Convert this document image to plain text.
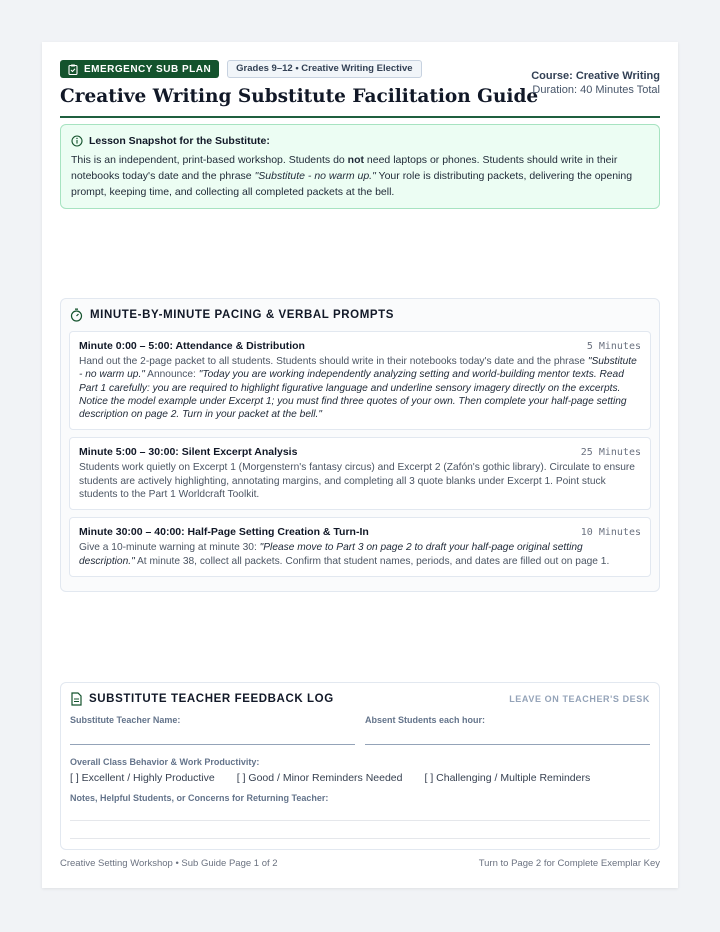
EMERGENCY SUB PLAN	Grades 9–12 • Creative Writing Elective
Creative Writing Substitute Facilitation Guide
Course: Creative Writing
Duration: 40 Minutes Total
Lesson Snapshot for the Substitute:
This is an independent, print-based workshop. Students do not need laptops or phones. Students should write in their notebooks today's date and the phrase "Substitute - no warm up." Your role is distributing packets, delivering the opening prompt, keeping time, and collecting all completed packets at the bell.
MINUTE-BY-MINUTE PACING & VERBAL PROMPTS
Minute 0:00 – 5:00: Attendance & Distribution	5 Minutes
Hand out the 2-page packet to all students. Students should write in their notebooks today's date and the phrase "Substitute - no warm up." Announce: "Today you are working independently analyzing setting and world-building mentor texts. Read Part 1 carefully: you are required to highlight figurative language and underline sensory imagery directly on the excerpts. Notice the model example under Excerpt 1; you must find three quotes of your own. Then complete your half-page setting description on page 2. Turn in your packet at the bell."
Minute 5:00 – 30:00: Silent Excerpt Analysis	25 Minutes
Students work quietly on Excerpt 1 (Morgenstern's fantasy circus) and Excerpt 2 (Zafón's gothic library). Circulate to ensure students are actively highlighting, annotating margins, and completing all 3 quote blanks under Excerpt 1. Point stuck students to the Part 1 Worldcraft Toolkit.
Minute 30:00 – 40:00: Half-Page Setting Creation & Turn-In	10 Minutes
Give a 10-minute warning at minute 30: "Please move to Part 3 on page 2 to draft your half-page original setting description." At minute 38, collect all packets. Confirm that student names, periods, and dates are filled out on page 1.
SUBSTITUTE TEACHER FEEDBACK LOG	LEAVE ON TEACHER'S DESK
Substitute Teacher Name:	Absent Students each hour:
Overall Class Behavior & Work Productivity:
[ ] Excellent / Highly Productive [ ] Good / Minor Reminders Needed [ ] Challenging / Multiple Reminders
Notes, Helpful Students, or Concerns for Returning Teacher:
Creative Setting Workshop • Sub Guide Page 1 of 2	Turn to Page 2 for Complete Exemplar Key
